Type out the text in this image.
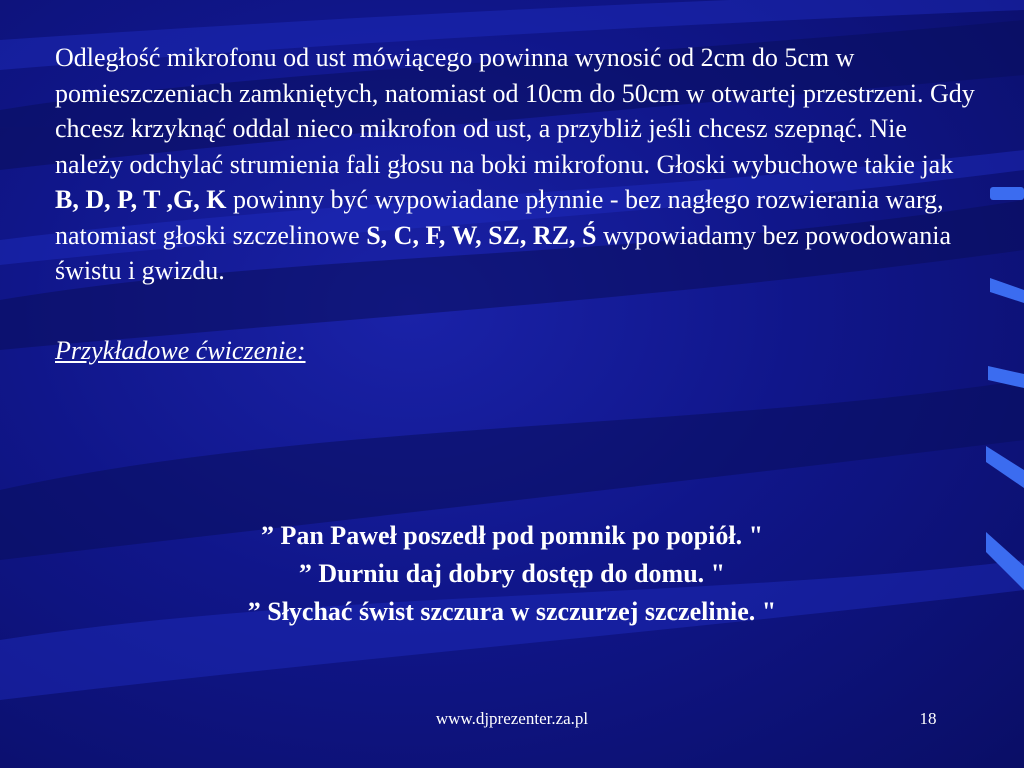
Odległość mikrofonu od ust mówiącego powinna wynosić od 2cm do 5cm w pomieszczeniach zamkniętych, natomiast od 10cm do 50cm w otwartej przestrzeni. Gdy chcesz krzyknąć oddal nieco mikrofon od ust, a przybliż jeśli chcesz szepnąć. Nie należy odchylać strumienia fali głosu na boki mikrofonu. Głoski wybuchowe takie jak B, D, P, T ,G, K powinny być wypowiadane płynnie - bez nagłego rozwierania warg, natomiast głoski szczelinowe S, C, F, W, SZ, RZ, Ś wypowiadamy bez powodowania świstu i gwizdu.

Przykładowe ćwiczenie:

” Pan Paweł poszedł pod pomnik po popiół. "

” Durniu daj dobry dostęp do domu. "

” Słychać świst szczura w szczurzej szczelinie. "

www.djprezenter.za.pl	18
